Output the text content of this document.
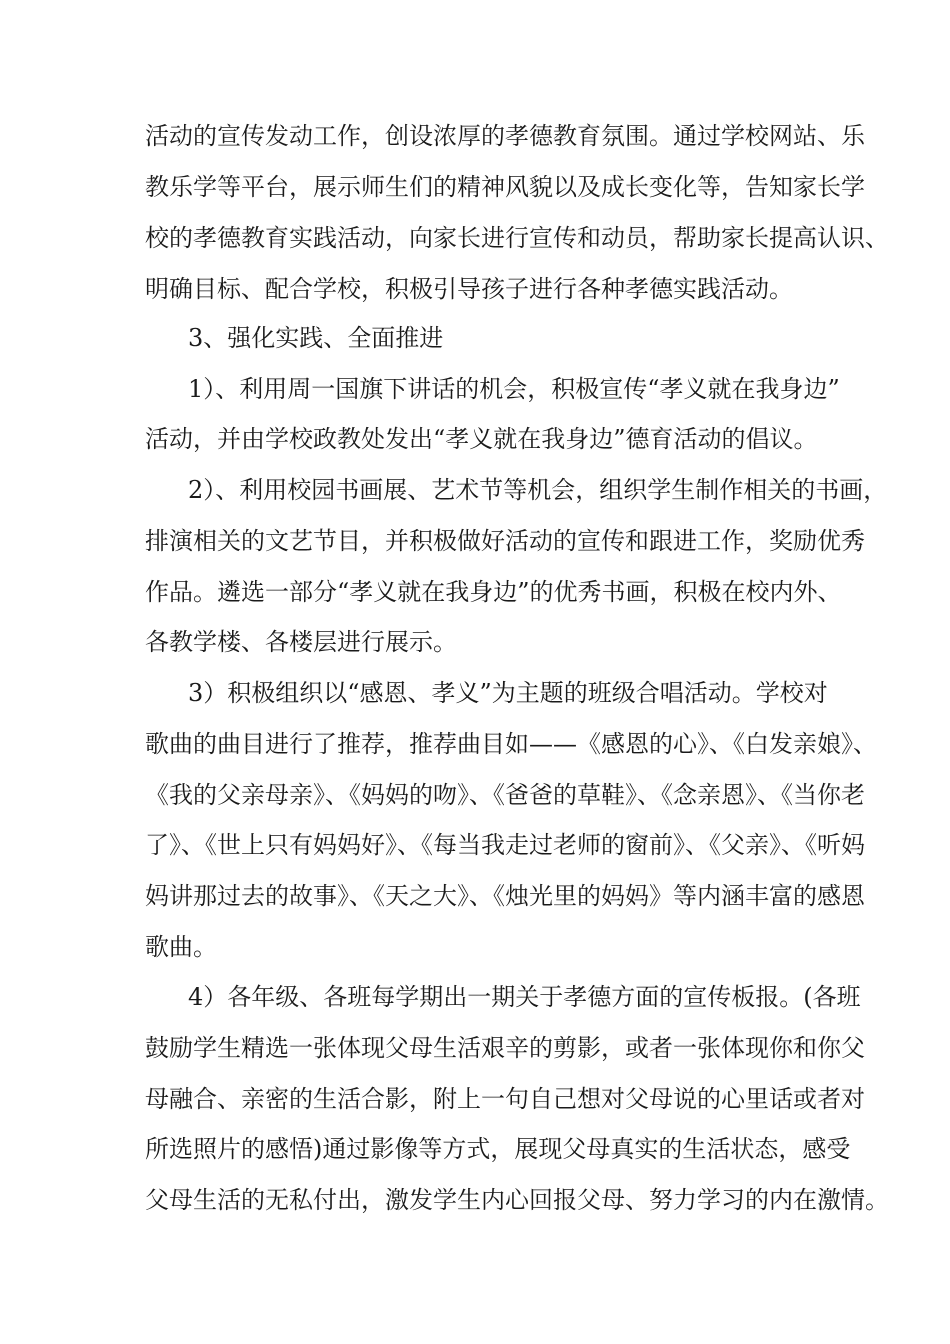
活动的宣传发动工作，创设浓厚的孝德教育氛围。通过学校网站、乐
教乐学等平台，展示师生们的精神风貌以及成长变化等，告知家长学
校的孝德教育实践活动，向家长进行宣传和动员，帮助家长提高认识、
明确目标、配合学校，积极引导孩子进行各种孝德实践活动。
3、强化实践、全面推进
1）、利用周一国旗下讲话的机会，积极宣传“孝义就在我身边”
活动，并由学校政教处发出“孝义就在我身边”德育活动的倡议。
2）、利用校园书画展、艺术节等机会，组织学生制作相关的书画，
排演相关的文艺节目，并积极做好活动的宣传和跟进工作，奖励优秀
作品。遴选一部分“孝义就在我身边”的优秀书画，积极在校内外、
各教学楼、各楼层进行展示。
3）积极组织以“感恩、孝义”为主题的班级合唱活动。学校对
歌曲的曲目进行了推荐，推荐曲目如——《感恩的心》、《白发亲娘》、
《我的父亲母亲》、《妈妈的吻》、《爸爸的草鞋》、《念亲恩》、《当你老
了》、《世上只有妈妈好》、《每当我走过老师的窗前》、《父亲》、《听妈
妈讲那过去的故事》、《天之大》、《烛光里的妈妈》等内涵丰富的感恩
歌曲。
4）各年级、各班每学期出一期关于孝德方面的宣传板报。(各班
鼓励学生精选一张体现父母生活艰辛的剪影，或者一张体现你和你父
母融合、亲密的生活合影，附上一句自己想对父母说的心里话或者对
所选照片的感悟)通过影像等方式，展现父母真实的生活状态，感受
父母生活的无私付出，激发学生内心回报父母、努力学习的内在激情。
